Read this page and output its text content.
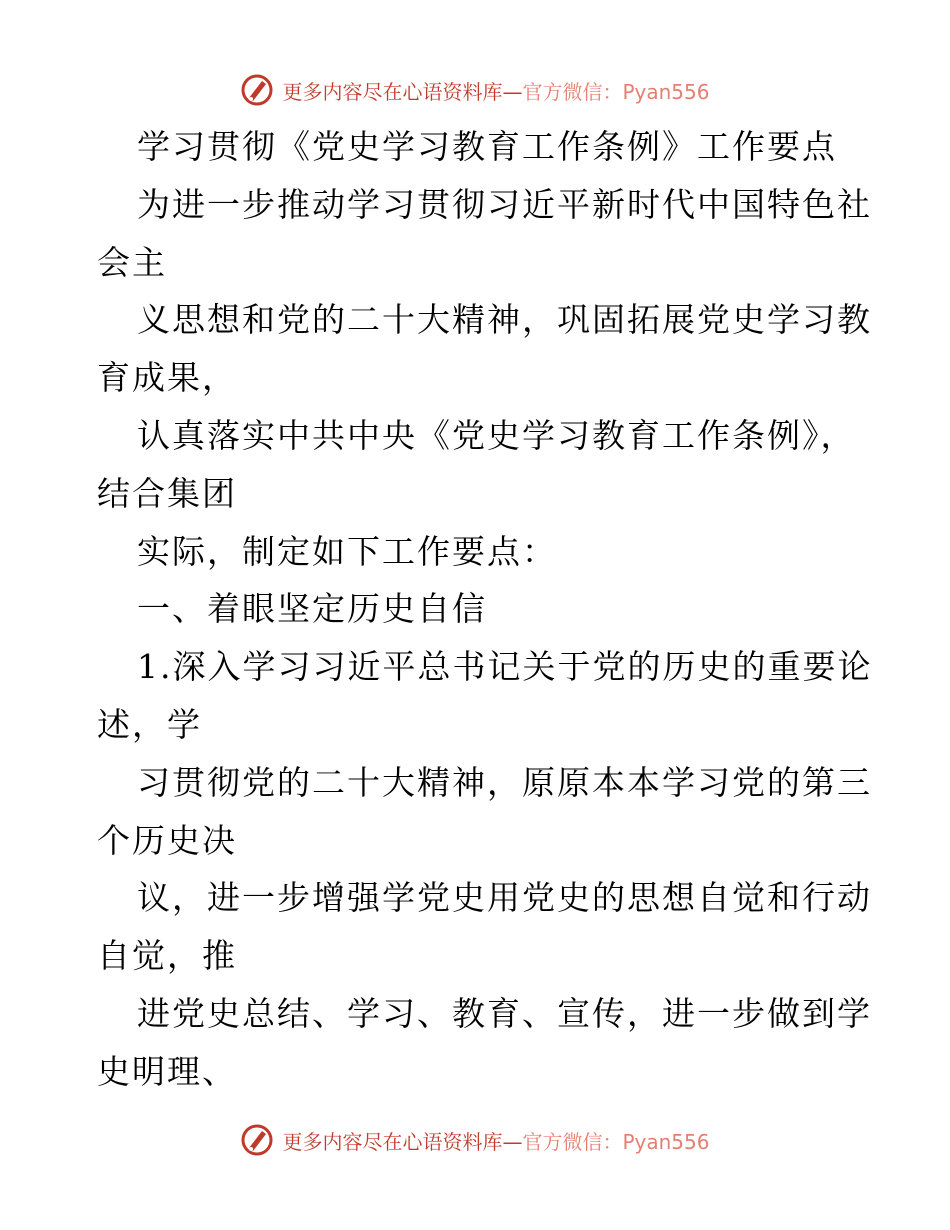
更多内容尽在心语资料库—官方微信：Pyan556
学习贯彻《党史学习教育工作条例》工作要点
为进一步推动学习贯彻习近平新时代中国特色社
会主
义思想和党的二十大精神，巩固拓展党史学习教
育成果，
认真落实中共中央《党史学习教育工作条例》，
结合集团
实际，制定如下工作要点：
一、着眼坚定历史自信
1.深入学习习近平总书记关于党的历史的重要论
述，学
习贯彻党的二十大精神，原原本本学习党的第三
个历史决
议，进一步增强学党史用党史的思想自觉和行动
自觉，推
进党史总结、学习、教育、宣传，进一步做到学
史明理、
更多内容尽在心语资料库—官方微信：Pyan556
